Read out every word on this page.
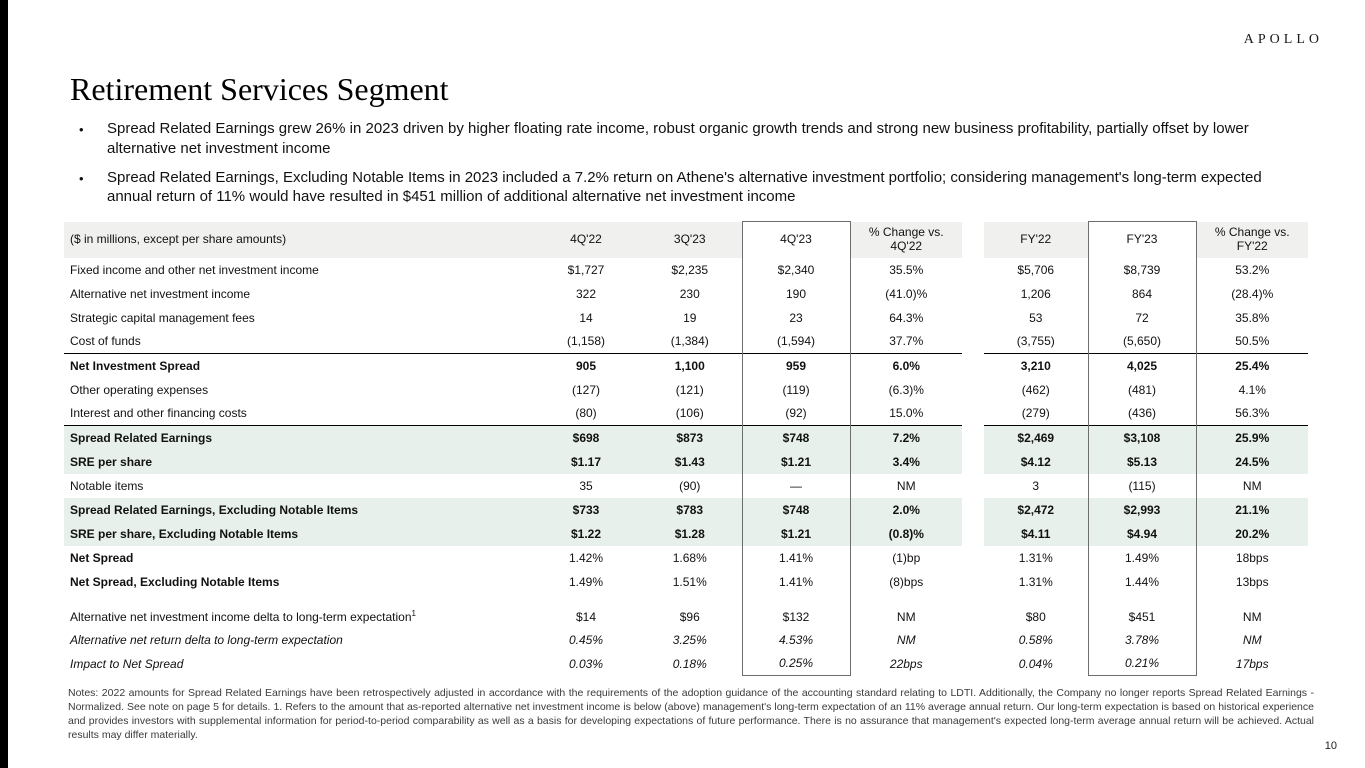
APOLLO
Retirement Services Segment
•	Spread Related Earnings grew 26% in 2023 driven by higher floating rate income, robust organic growth trends and strong new business profitability, partially offset by lower alternative net investment income
•	Spread Related Earnings, Excluding Notable Items in 2023 included a 7.2% return on Athene's alternative investment portfolio; considering management's long-term expected annual return of 11% would have resulted in $451 million of additional alternative net investment income
($ in millions, except per share amounts)	4Q'22	3Q'23	4Q'23	% Change vs. 4Q'22		FY'22	FY'23	% Change vs. FY'22
Fixed income and other net investment income	$1,727	$2,235	$2,340	35.5%		$5,706	$8,739	53.2%
Alternative net investment income	322	230	190	(41.0)%		1,206	864	(28.4)%
Strategic capital management fees	14	19	23	64.3%		53	72	35.8%
Cost of funds	(1,158)	(1,384)	(1,594)	37.7%		(3,755)	(5,650)	50.5%
Net Investment Spread	905	1,100	959	6.0%		3,210	4,025	25.4%
Other operating expenses	(127)	(121)	(119)	(6.3)%		(462)	(481)	4.1%
Interest and other financing costs	(80)	(106)	(92)	15.0%		(279)	(436)	56.3%
Spread Related Earnings	$698	$873	$748	7.2%		$2,469	$3,108	25.9%
SRE per share	$1.17	$1.43	$1.21	3.4%		$4.12	$5.13	24.5%
Notable items	35	(90)	—	NM		3	(115)	NM
Spread Related Earnings, Excluding Notable Items	$733	$783	$748	2.0%		$2,472	$2,993	21.1%
SRE per share, Excluding Notable Items	$1.22	$1.28	$1.21	(0.8)%		$4.11	$4.94	20.2%
Net Spread	1.42%	1.68%	1.41%	(1)bp		1.31%	1.49%	18bps
Net Spread, Excluding Notable Items	1.49%	1.51%	1.41%	(8)bps		1.31%	1.44%	13bps
Alternative net investment income delta to long-term expectation$^1$	$14	$96	$132	NM		$80	$451	NM
Alternative net return delta to long-term expectation	0.45%	3.25%	4.53%	NM		0.58%	3.78%	NM
Impact to Net Spread	0.03%	0.18%	0.25%	22bps		0.04%	0.21%	17bps
Notes: 2022 amounts for Spread Related Earnings have been retrospectively adjusted in accordance with the requirements of the adoption guidance of the accounting standard relating to LDTI. Additionally, the Company no longer reports Spread Related Earnings - Normalized. See note on page 5 for details. 1. Refers to the amount that as-reported alternative net investment income is below (above) management's long-term expectation of an 11% average annual return. Our long-term expectation is based on historical experience and provides investors with supplemental information for period-to-period comparability as well as a basis for developing expectations of future performance. There is no assurance that management's expected long-term average annual return will be achieved. Actual results may differ materially.
10
